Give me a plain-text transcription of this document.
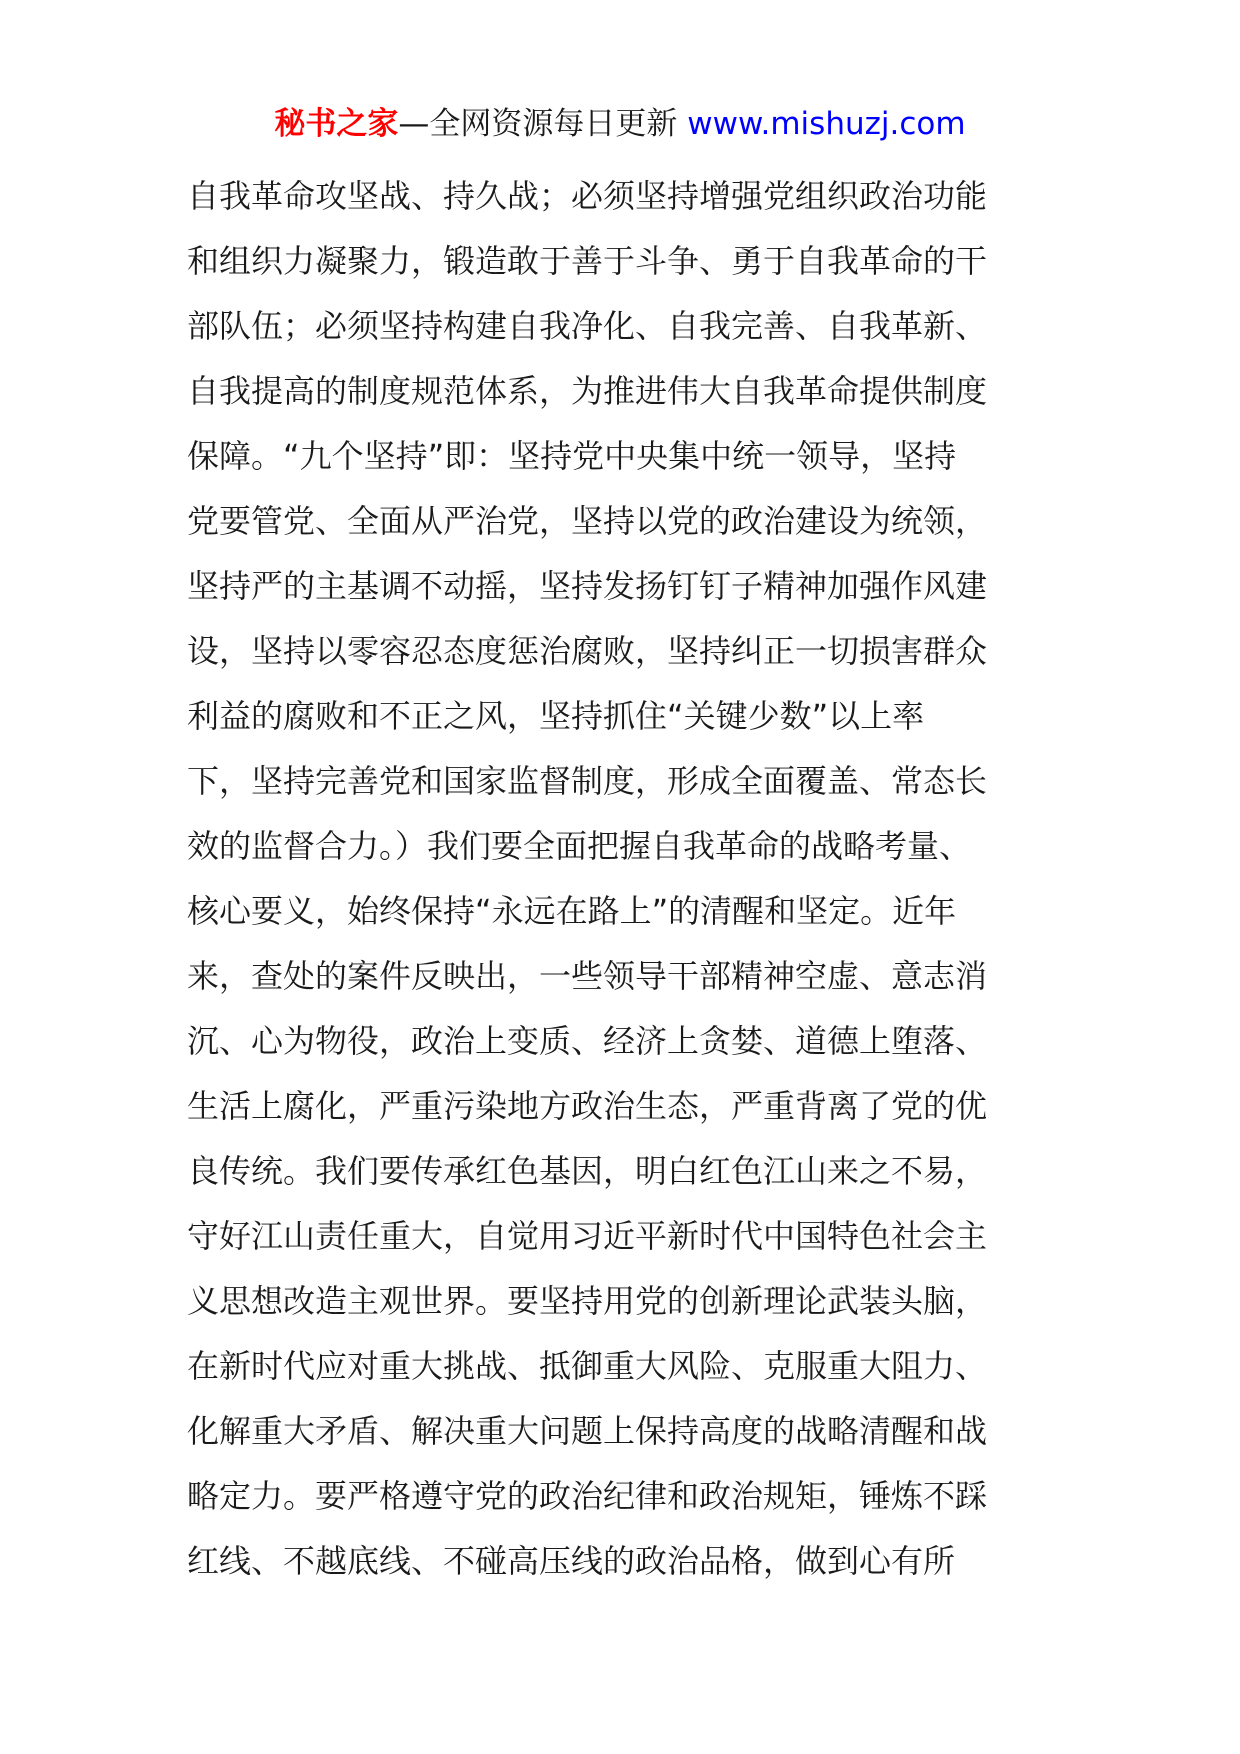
秘书之家—全网资源每日更新 www.mishuzj.com
自我革命攻坚战、持久战；必须坚持增强党组织政治功能
和组织力凝聚力，锻造敢于善于斗争、勇于自我革命的干
部队伍；必须坚持构建自我净化、自我完善、自我革新、
自我提高的制度规范体系，为推进伟大自我革命提供制度
保障。“九个坚持”即：坚持党中央集中统一领导，坚持
党要管党、全面从严治党，坚持以党的政治建设为统领，
坚持严的主基调不动摇，坚持发扬钉钉子精神加强作风建
设，坚持以零容忍态度惩治腐败，坚持纠正一切损害群众
利益的腐败和不正之风，坚持抓住“关键少数”以上率
下，坚持完善党和国家监督制度，形成全面覆盖、常态长
效的监督合力。）我们要全面把握自我革命的战略考量、
核心要义，始终保持“永远在路上”的清醒和坚定。近年
来，查处的案件反映出，一些领导干部精神空虚、意志消
沉、心为物役，政治上变质、经济上贪婪、道德上堕落、
生活上腐化，严重污染地方政治生态，严重背离了党的优
良传统。我们要传承红色基因，明白红色江山来之不易，
守好江山责任重大，自觉用习近平新时代中国特色社会主
义思想改造主观世界。要坚持用党的创新理论武装头脑，
在新时代应对重大挑战、抵御重大风险、克服重大阻力、
化解重大矛盾、解决重大问题上保持高度的战略清醒和战
略定力。要严格遵守党的政治纪律和政治规矩，锤炼不踩
红线、不越底线、不碰高压线的政治品格，做到心有所
